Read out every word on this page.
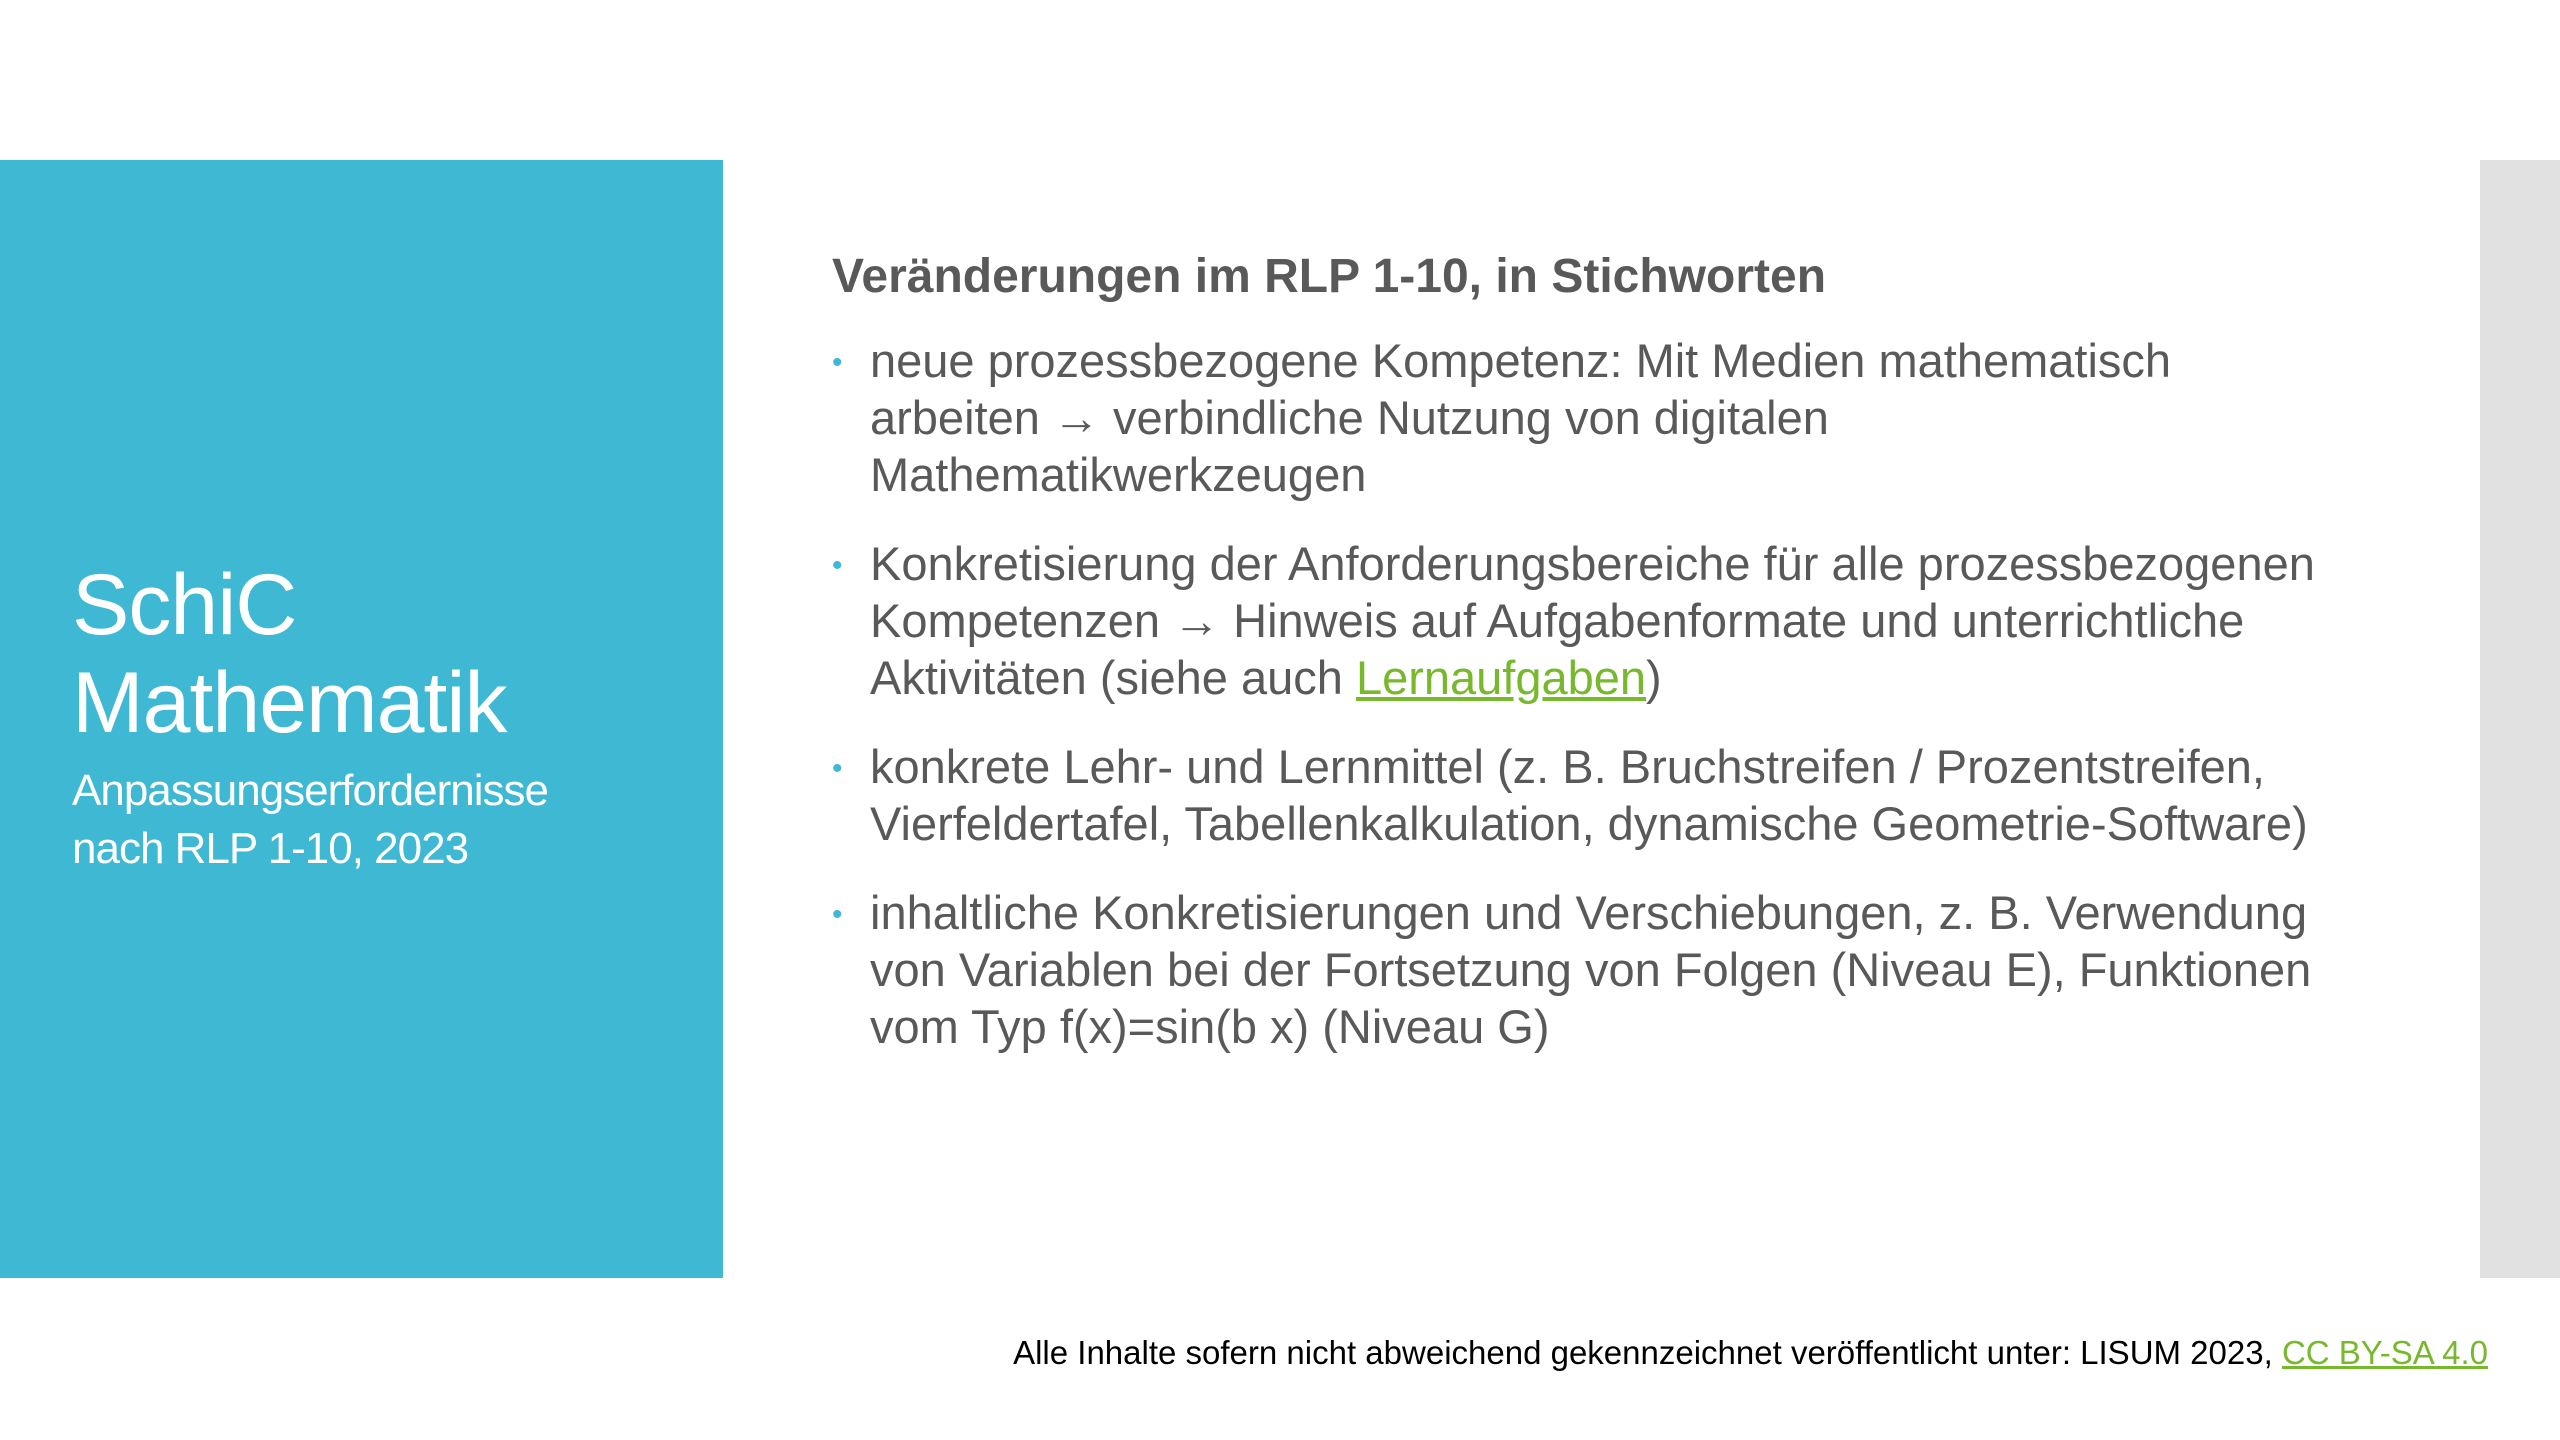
SchiC Mathematik
Anpassungserfordernisse
nach RLP 1-10, 2023
Veränderungen im RLP 1-10, in Stichworten
• neue prozessbezogene Kompetenz: Mit Medien mathematisch arbeiten → verbindliche Nutzung von digitalen Mathematikwerkzeugen
• Konkretisierung der Anforderungsbereiche für alle prozessbezogenen Kompetenzen → Hinweis auf Aufgabenformate und unterrichtliche Aktivitäten (siehe auch Lernaufgaben)
• konkrete Lehr- und Lernmittel (z. B. Bruchstreifen / Prozentstreifen, Vierfeldertafel, Tabellenkalkulation, dynamische Geometrie-Software)
• inhaltliche Konkretisierungen und Verschiebungen, z. B. Verwendung von Variablen bei der Fortsetzung von Folgen (Niveau E), Funktionen vom Typ f(x)=sin(b x) (Niveau G)
Alle Inhalte sofern nicht abweichend gekennzeichnet veröffentlicht unter: LISUM 2023, CC BY-SA 4.0
